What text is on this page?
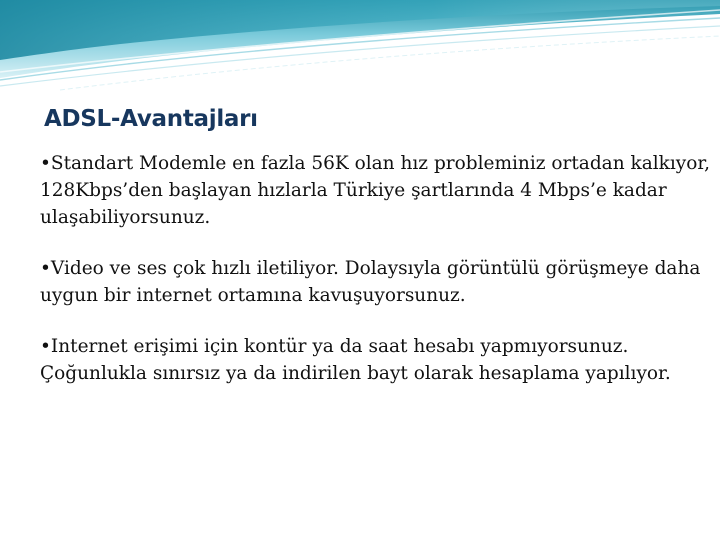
ADSL-Avantajları

•Standart Modemle en fazla 56K olan hız probleminiz ortadan kalkıyor, 128Kbps’den başlayan hızlarla Türkiye şartlarında 4 Mbps’e kadar ulaşabiliyorsunuz.

•Video ve ses çok hızlı iletiliyor. Dolaysıyla görüntülü görüşmeye daha uygun bir internet ortamına kavuşuyorsunuz.

•Internet erişimi için kontür ya da saat hesabı yapmıyorsunuz. Çoğunlukla sınırsız ya da indirilen bayt olarak hesaplama yapılıyor.
